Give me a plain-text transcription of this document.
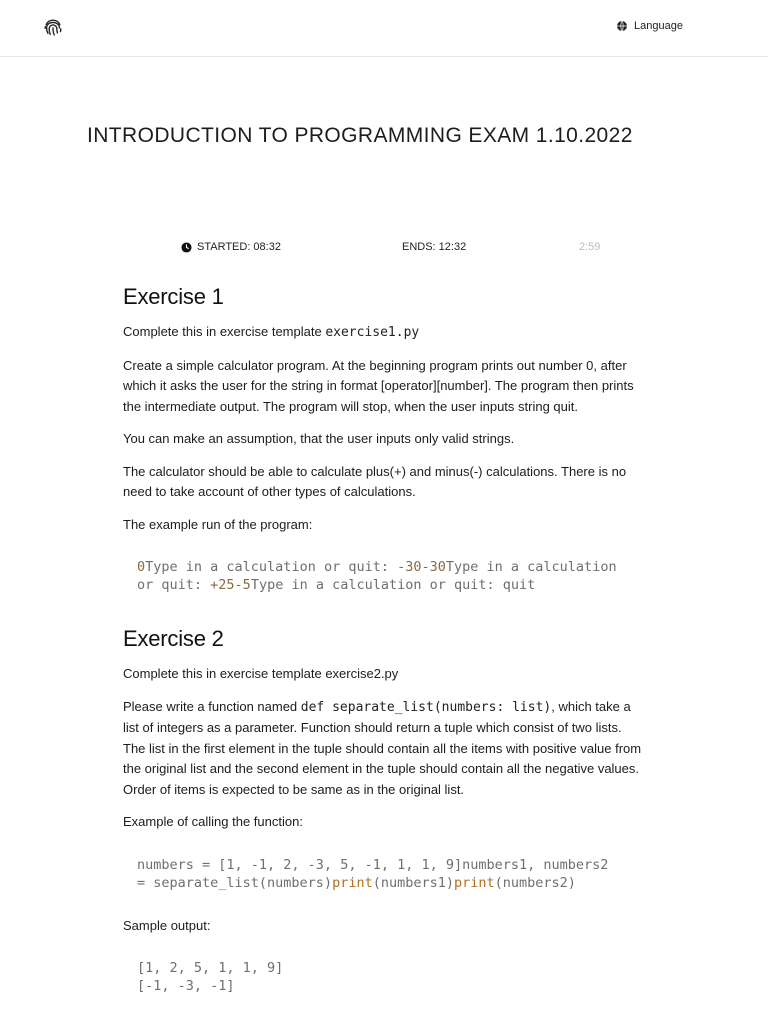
Language
INTRODUCTION TO PROGRAMMING EXAM 1.10.2022
STARTED: 08:32	ENDS: 12:32	2:59
Exercise 1

Complete this in exercise template exercise1.py

Create a simple calculator program. At the beginning program prints out number 0, after which it asks the user for the string in format [operator][number]. The program then prints the intermediate output. The program will stop, when the user inputs string quit.

You can make an assumption, that the user inputs only valid strings.

The calculator should be able to calculate plus(+) and minus(-) calculations. There is no need to take account of other types of calculations.

The example run of the program:

0Type in a calculation or quit: -30-30Type in a calculation
or quit: +25-5Type in a calculation or quit: quit
Exercise 2

Complete this in exercise template exercise2.py

Please write a function named def separate_list(numbers: list), which take a list of integers as a parameter. Function should return a tuple which consist of two lists. The list in the first element in the tuple should contain all the items with positive value from the original list and the second element in the tuple should contain all the negative values. Order of items is expected to be same as in the original list.

Example of calling the function:

numbers = [1, -1, 2, -3, 5, -1, 1, 1, 9]numbers1, numbers2
= separate_list(numbers)print(numbers1)print(numbers2)

Sample output:

[1, 2, 5, 1, 1, 9]
[-1, -3, -1]
